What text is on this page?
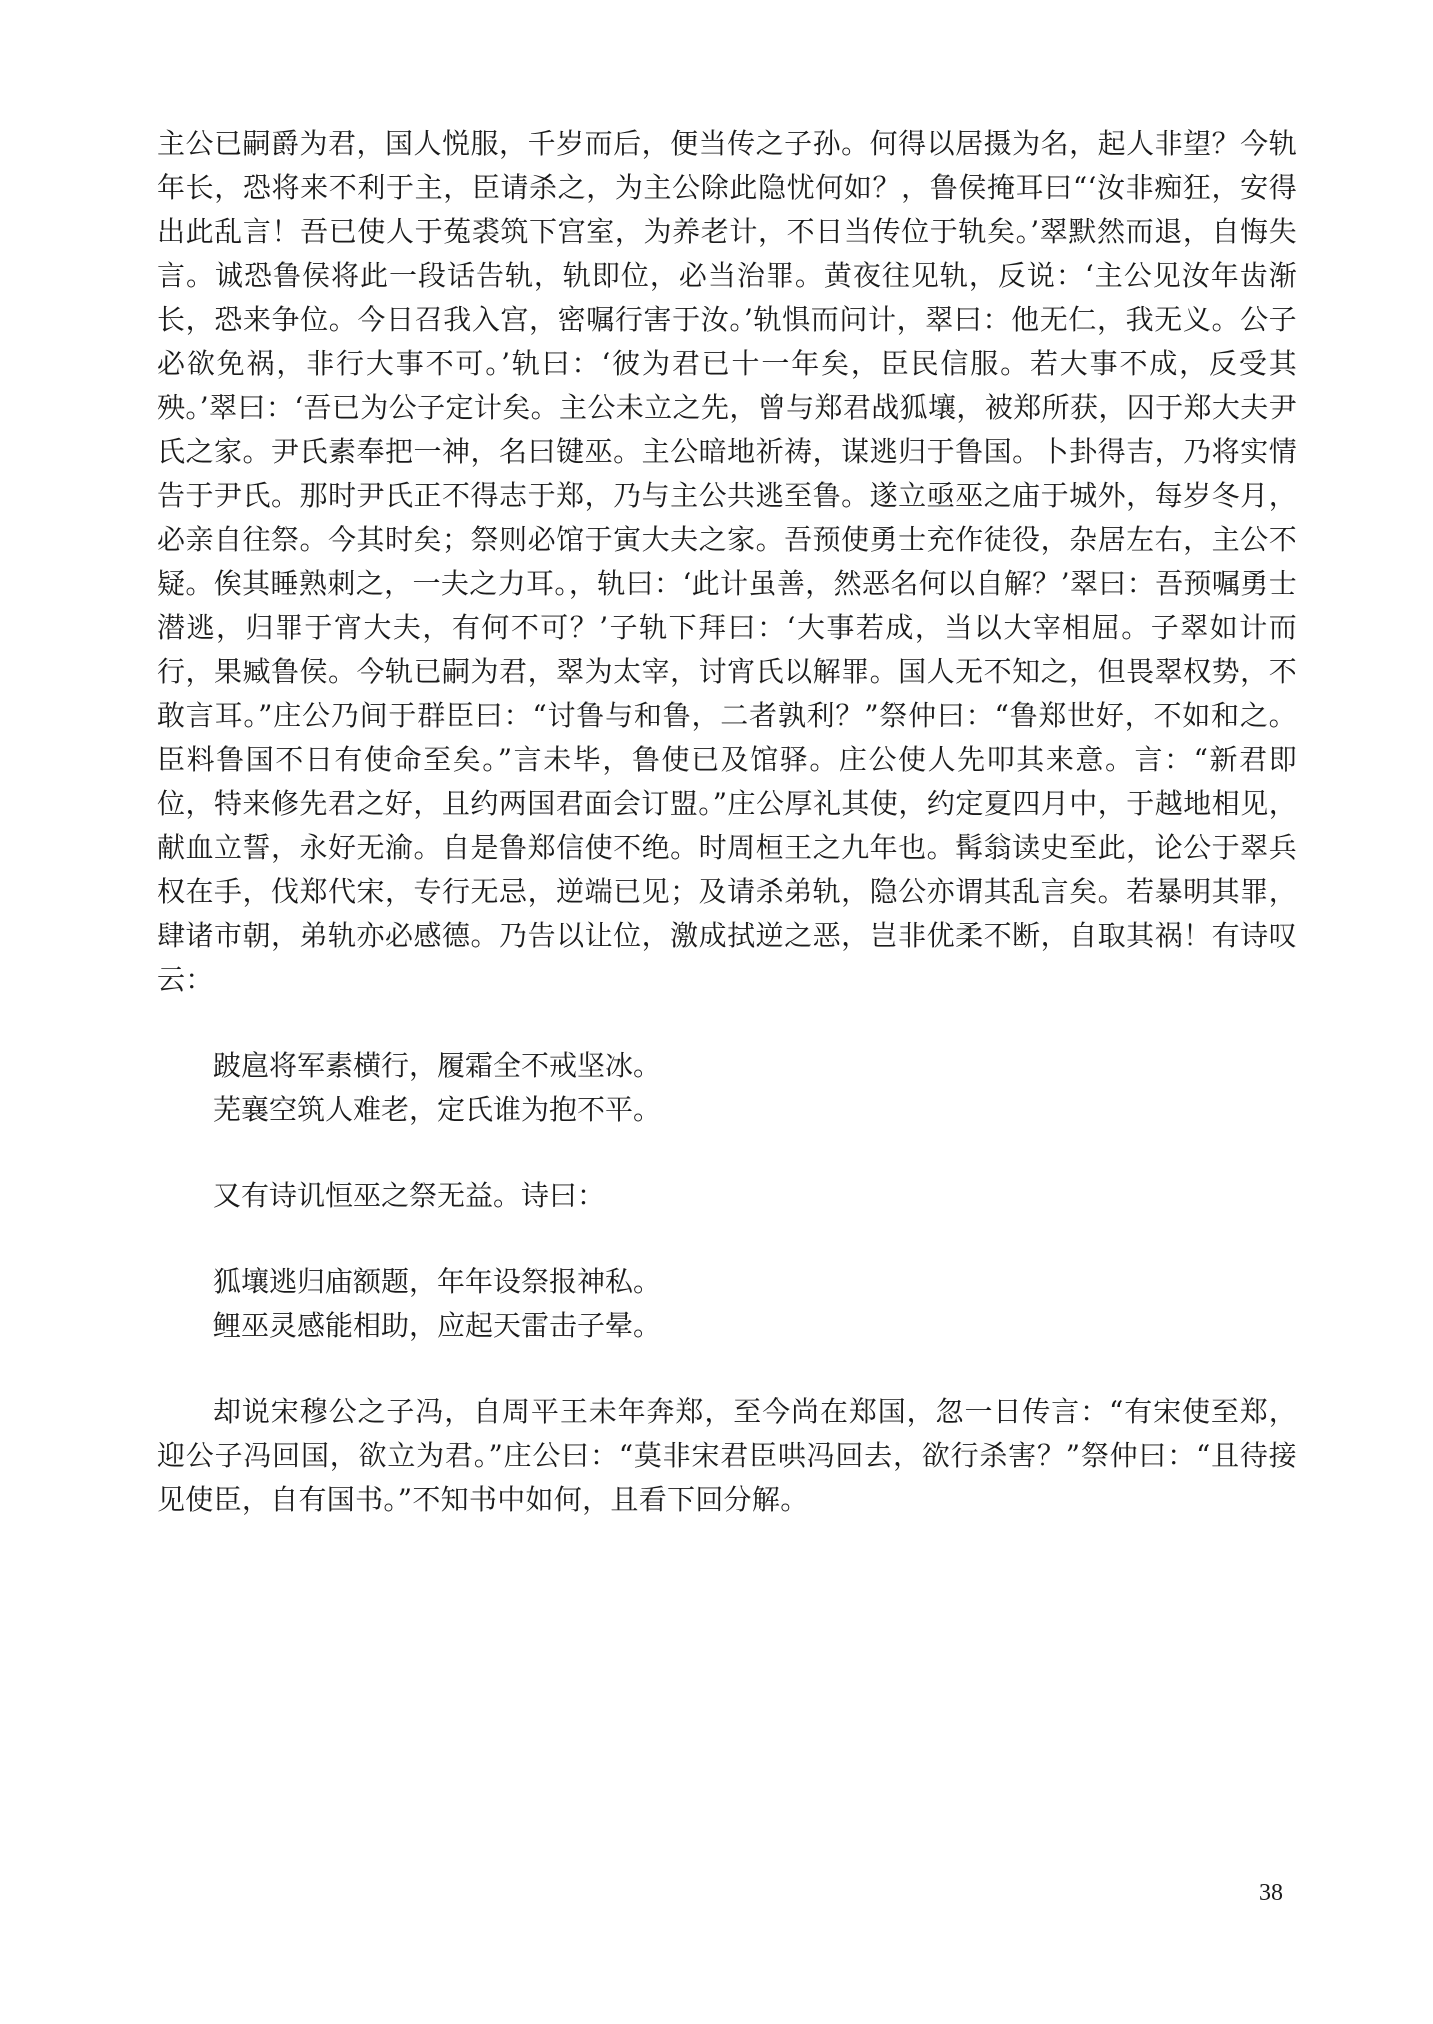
主公已嗣爵为君，国人悦服，千岁而后，便当传之子孙。何得以居摄为名，起人非望？今轨年长，恐将来不利于主，臣请杀之，为主公除此隐忧何如？，鲁侯掩耳曰“‘汝非痴狂，安得出此乱言！吾已使人于菟裘筑下宫室，为养老计，不日当传位于轨矣。’翠默然而退，自悔失言。诚恐鲁侯将此一段话告轨，轨即位，必当治罪。黄夜往见轨，反说：‘主公见汝年齿渐长，恐来争位。今日召我入宫，密嘱行害于汝。’轨惧而问计，翠曰：他无仁，我无义。公子必欲免祸，非行大事不可。’轨曰：‘彼为君已十一年矣，臣民信服。若大事不成，反受其殃。’翠曰：‘吾已为公子定计矣。主公未立之先，曾与郑君战狐壤，被郑所获，囚于郑大夫尹氏之家。尹氏素奉把一神，名曰键巫。主公暗地祈祷，谋逃归于鲁国。卜卦得吉，乃将实情告于尹氏。那时尹氏正不得志于郑，乃与主公共逃至鲁。遂立亟巫之庙于城外，每岁冬月，必亲自往祭。今其时矣；祭则必馆于寅大夫之家。吾预使勇士充作徒役，杂居左右，主公不疑。俟其睡熟刺之，一夫之力耳。，轨曰：‘此计虽善，然恶名何以自解？’翠曰：吾预嘱勇士潜逃，归罪于宵大夫，有何不可？’子轨下拜曰：‘大事若成，当以大宰相屈。子翠如计而行，果臧鲁侯。今轨已嗣为君，翠为太宰，讨宵氏以解罪。国人无不知之，但畏翠权势，不敢言耳。”庄公乃间于群臣曰：“讨鲁与和鲁，二者孰利？”祭仲曰：“鲁郑世好，不如和之。臣料鲁国不日有使命至矣。”言未毕，鲁使已及馆驿。庄公使人先叩其来意。言：“新君即位，特来修先君之好，且约两国君面会订盟。”庄公厚礼其使，约定夏四月中，于越地相见，献血立誓，永好无渝。自是鲁郑信使不绝。时周桓王之九年也。髯翁读史至此，论公于翠兵权在手，伐郑代宋，专行无忌，逆端已见；及请杀弟轨，隐公亦谓其乱言矣。若暴明其罪，肆诸市朝，弟轨亦必感德。乃告以让位，激成拭逆之恶，岂非优柔不断，自取其祸！有诗叹云：

跛扈将军素横行，履霜全不戒坚冰。

芜襄空筑人难老，定氏谁为抱不平。

又有诗讥恒巫之祭无益。诗曰：

狐壤逃归庙额题，年年设祭报神私。

鲤巫灵感能相助，应起天雷击子晕。

却说宋穆公之子冯，自周平王未年奔郑，至今尚在郑国，忽一日传言：“有宋使至郑，迎公子冯回国，欲立为君。”庄公曰：“莫非宋君臣哄冯回去，欲行杀害？”祭仲曰：“且待接见使臣，自有国书。”不知书中如何，且看下回分解。

38
